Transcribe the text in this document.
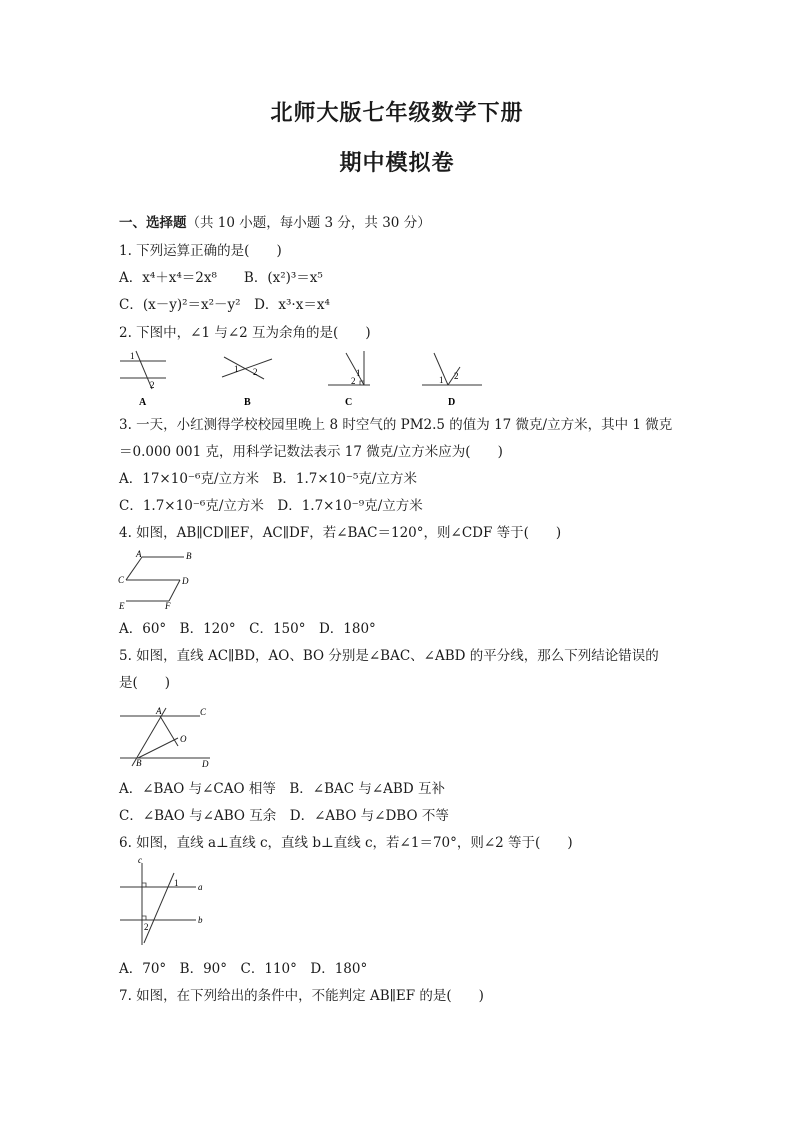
北师大版七年级数学下册
期中模拟卷
一、选择题（共 10 小题，每小题 3 分，共 30 分）
1. 下列运算正确的是(　　)
A．x⁴＋x⁴＝2x⁸　　B．(x²)³＝x⁵
C．(x－y)²＝x²－y²　D．x³·x＝x⁴
2. 下图中，∠1 与∠2 互为余角的是(　　)
1
2
A
1 2
B
1
2
C
1 2
D
3. 一天，小红测得学校校园里晚上 8 时空气的 PM2.5 的值为 17 微克/立方米，其中 1 微克
＝0.000 001 克，用科学记数法表示 17 微克/立方米应为(　　)
A．17×10⁻⁶克/立方米　B．1.7×10⁻⁵克/立方米
C．1.7×10⁻⁶克/立方米　D．1.7×10⁻⁹克/立方米
4. 如图，AB∥CD∥EF，AC∥DF，若∠BAC＝120°，则∠CDF 等于(　　)
A	B
C	D
E	F
A．60°　B．120°　C．150°　D．180°
5. 如图，直线 AC∥BD，AO、BO 分别是∠BAC、∠ABD 的平分线，那么下列结论错误的
是(　　)
A	C
O
B	D
A．∠BAO 与∠CAO 相等　B．∠BAC 与∠ABD 互补
C．∠BAO 与∠ABO 互余　D．∠ABO 与∠DBO 不等
6. 如图，直线 a⊥直线 c，直线 b⊥直线 c，若∠1＝70°，则∠2 等于(　　)
c
a
b
1
2
A．70°　B．90°　C．110°　D．180°
7. 如图，在下列给出的条件中，不能判定 AB∥EF 的是(　　)
